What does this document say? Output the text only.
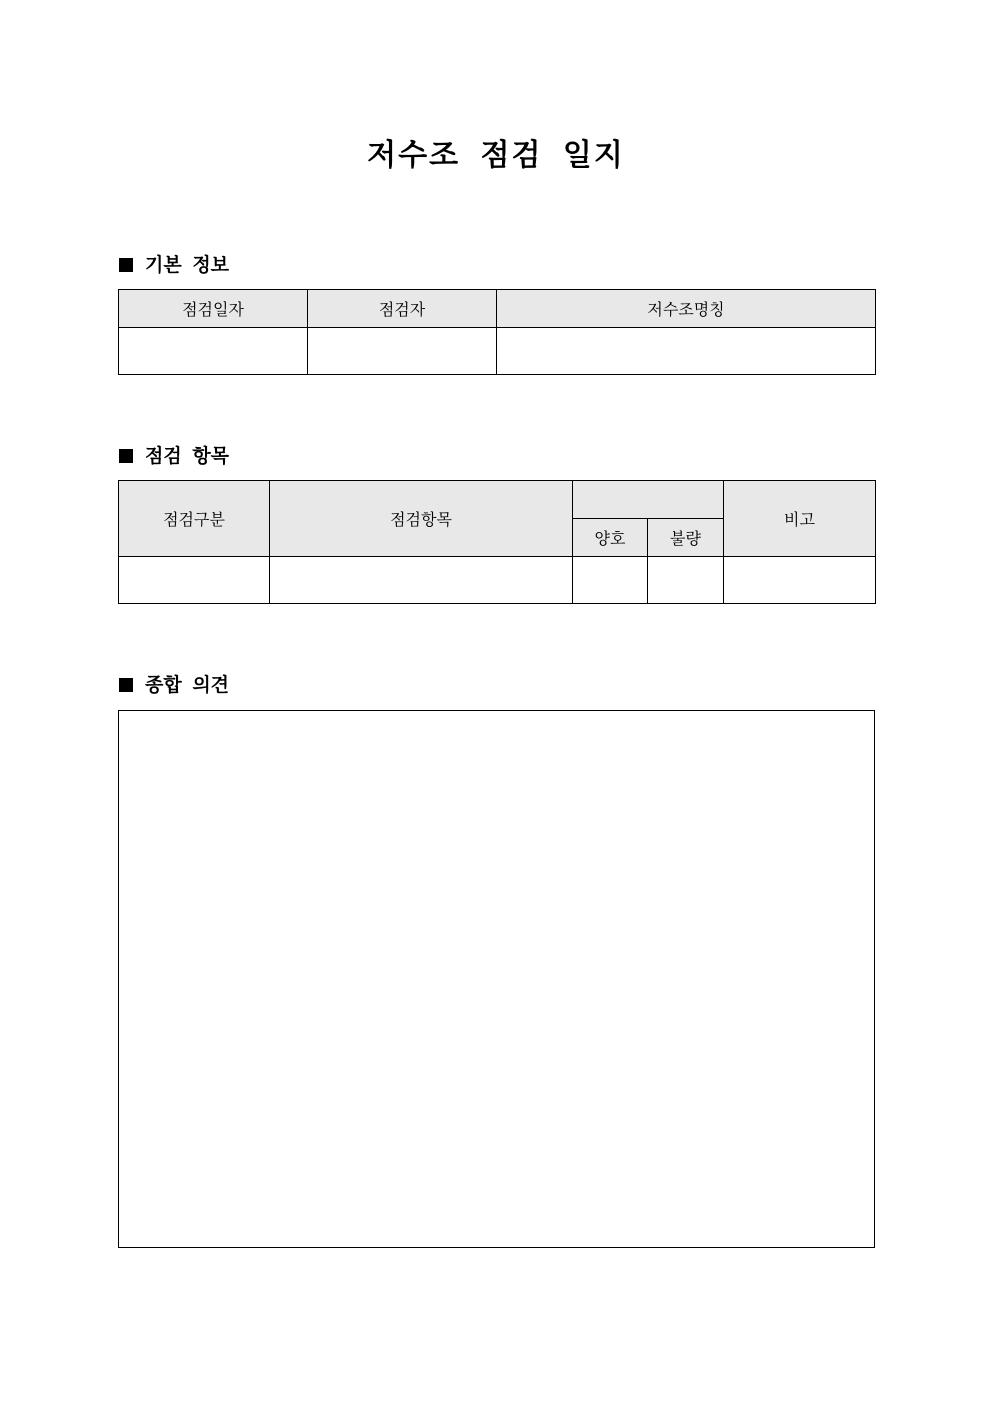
저수조 점검 일지
기본 정보
점검일자	점검자	저수조명칭

점검 항목
점검구분	점검항목			비고
		양호	불량	

종합 의견
